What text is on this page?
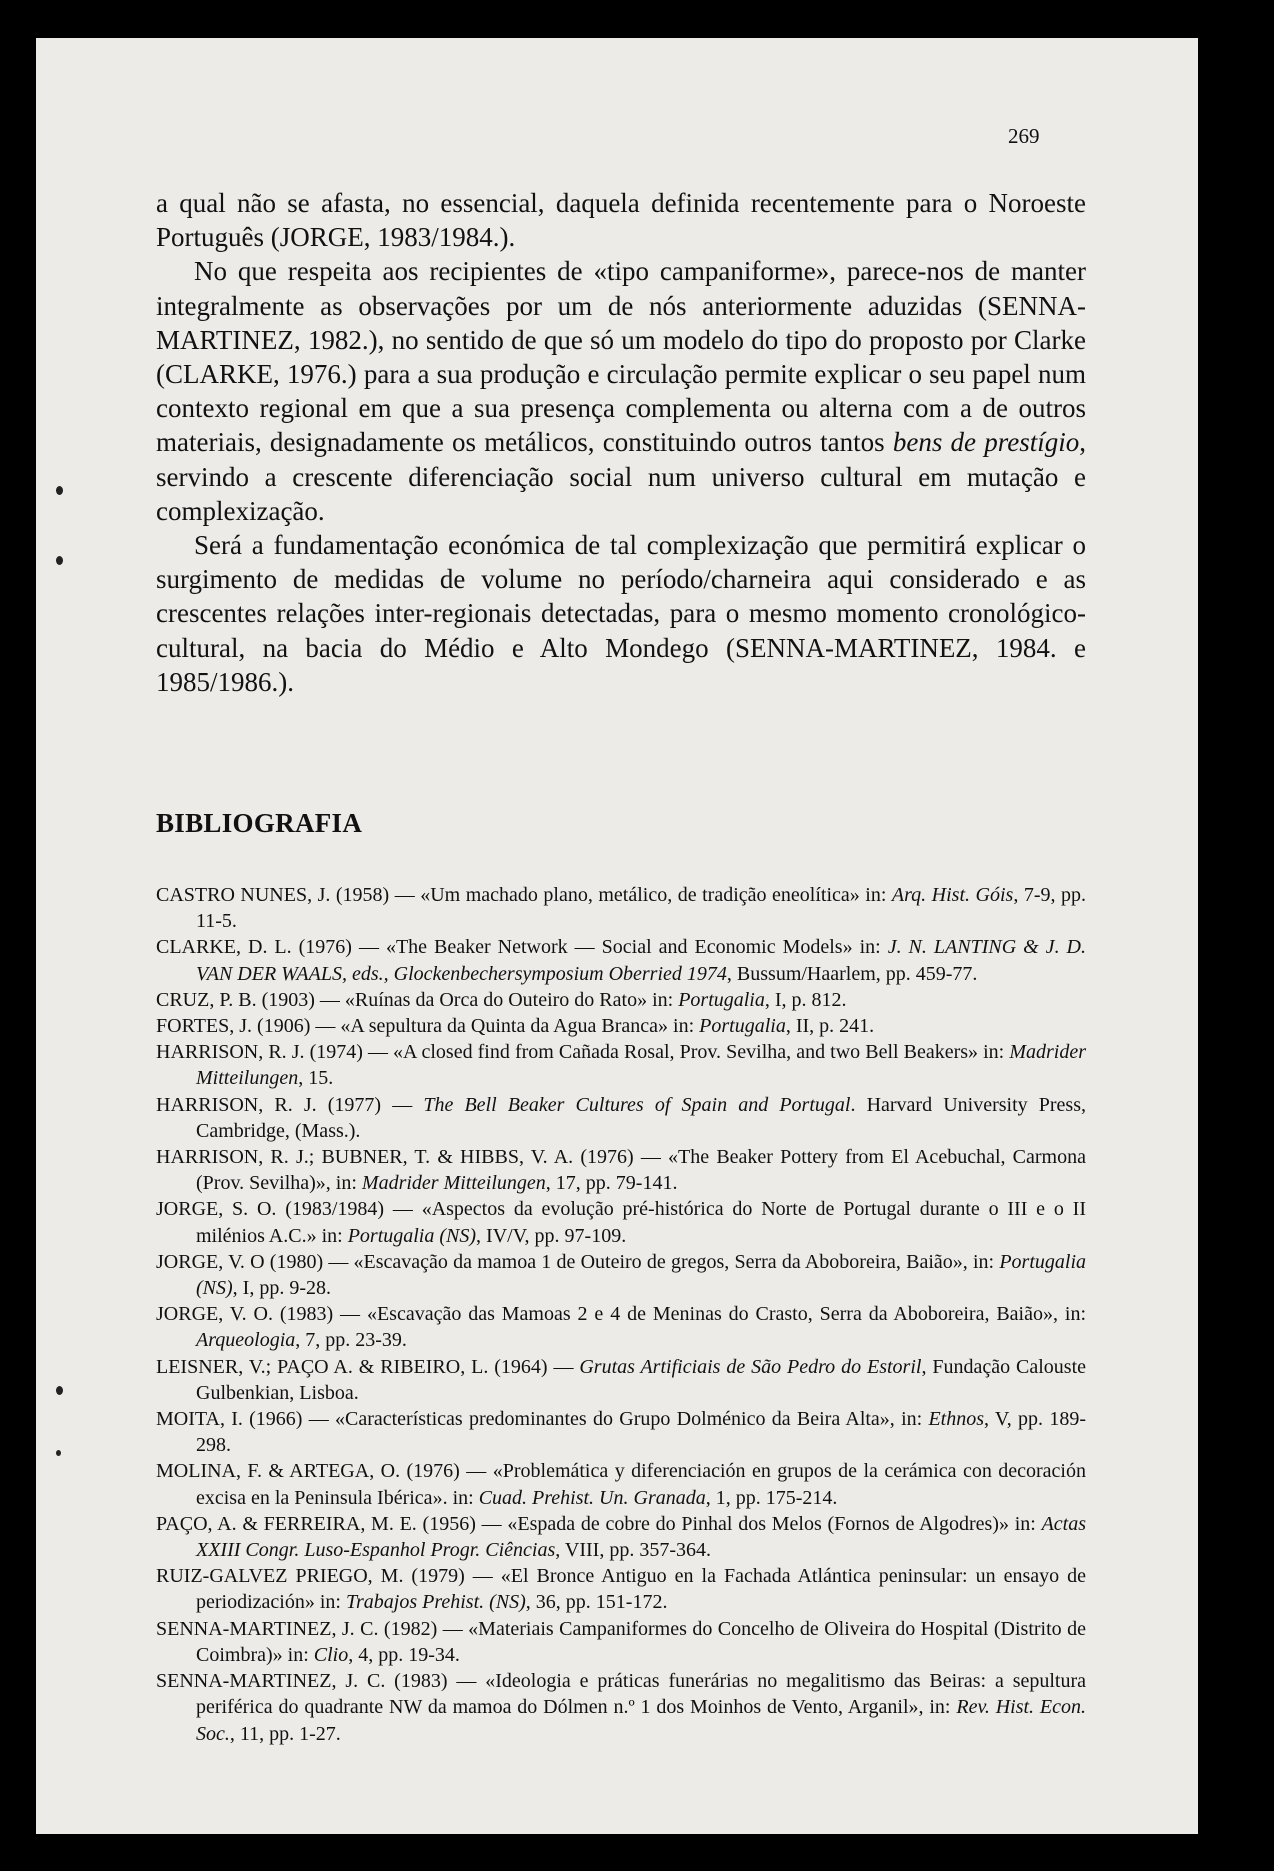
269

a qual não se afasta, no essencial, daquela definida recentemente para o Noroeste Português (JORGE, 1983/1984.).

No que respeita aos recipientes de «tipo campaniforme», parece-nos de manter integralmente as observações por um de nós anteriormente aduzidas (SENNA-MARTINEZ, 1982.), no sentido de que só um modelo do tipo do proposto por Clarke (CLARKE, 1976.) para a sua produção e circulação permite explicar o seu papel num contexto regional em que a sua presença complementa ou alterna com a de outros materiais, designadamente os metálicos, constituindo outros tantos bens de prestígio, servindo a crescente diferenciação social num universo cultural em mutação e complexização.

Será a fundamentação económica de tal complexização que permitirá explicar o surgimento de medidas de volume no período/charneira aqui considerado e as crescentes relações inter-regionais detectadas, para o mesmo momento cronológico-cultural, na bacia do Médio e Alto Mondego (SENNA-MARTINEZ, 1984. e 1985/1986.).

BIBLIOGRAFIA

CASTRO NUNES, J. (1958) — «Um machado plano, metálico, de tradição eneolítica» in: Arq. Hist. Góis, 7-9, pp. 11-5.

CLARKE, D. L. (1976) — «The Beaker Network — Social and Economic Models» in: J. N. LANTING & J. D. VAN DER WAALS, eds., Glockenbechersymposium Oberried 1974, Bussum/Haarlem, pp. 459-77.

CRUZ, P. B. (1903) — «Ruínas da Orca do Outeiro do Rato» in: Portugalia, I, p. 812.

FORTES, J. (1906) — «A sepultura da Quinta da Agua Branca» in: Portugalia, II, p. 241.

HARRISON, R. J. (1974) — «A closed find from Cañada Rosal, Prov. Sevilha, and two Bell Beakers» in: Madrider Mitteilungen, 15.

HARRISON, R. J. (1977) — The Bell Beaker Cultures of Spain and Portugal. Harvard University Press, Cambridge, (Mass.).

HARRISON, R. J.; BUBNER, T. & HIBBS, V. A. (1976) — «The Beaker Pottery from El Acebuchal, Carmona (Prov. Sevilha)», in: Madrider Mitteilungen, 17, pp. 79-141.

JORGE, S. O. (1983/1984) — «Aspectos da evolução pré-histórica do Norte de Portugal durante o III e o II milénios A.C.» in: Portugalia (NS), IV/V, pp. 97-109.

JORGE, V. O (1980) — «Escavação da mamoa 1 de Outeiro de gregos, Serra da Aboboreira, Baião», in: Portugalia (NS), I, pp. 9-28.

JORGE, V. O. (1983) — «Escavação das Mamoas 2 e 4 de Meninas do Crasto, Serra da Aboboreira, Baião», in: Arqueologia, 7, pp. 23-39.

LEISNER, V.; PAÇO A. & RIBEIRO, L. (1964) — Grutas Artificiais de São Pedro do Estoril, Fundação Calouste Gulbenkian, Lisboa.

MOITA, I. (1966) — «Características predominantes do Grupo Dolménico da Beira Alta», in: Ethnos, V, pp. 189-298.

MOLINA, F. & ARTEGA, O. (1976) — «Problemática y diferenciación en grupos de la cerámica con decoración excisa en la Peninsula Ibérica». in: Cuad. Prehist. Un. Granada, 1, pp. 175-214.

PAÇO, A. & FERREIRA, M. E. (1956) — «Espada de cobre do Pinhal dos Melos (Fornos de Algodres)» in: Actas XXIII Congr. Luso-Espanhol Progr. Ciências, VIII, pp. 357-364.

RUIZ-GALVEZ PRIEGO, M. (1979) — «El Bronce Antiguo en la Fachada Atlántica peninsular: un ensayo de periodización» in: Trabajos Prehist. (NS), 36, pp. 151-172.

SENNA-MARTINEZ, J. C. (1982) — «Materiais Campaniformes do Concelho de Oliveira do Hospital (Distrito de Coimbra)» in: Clio, 4, pp. 19-34.

SENNA-MARTINEZ, J. C. (1983) — «Ideologia e práticas funerárias no megalitismo das Beiras: a sepultura periférica do quadrante NW da mamoa do Dólmen n.º 1 dos Moinhos de Vento, Arganil», in: Rev. Hist. Econ. Soc., 11, pp. 1-27.
